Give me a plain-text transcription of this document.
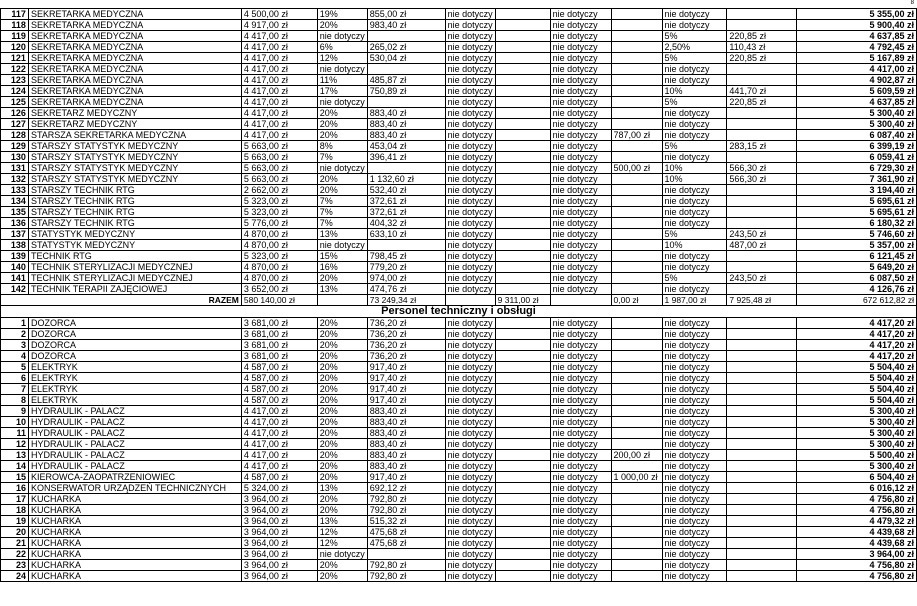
8
117	SEKRETARKA MEDYCZNA	4 500,00 zł	19%	855,00 zł	nie dotyczy		nie dotyczy		nie dotyczy		5 355,00 zł
118	SEKRETARKA MEDYCZNA	4 917,00 zł	20%	983,40 zł	nie dotyczy		nie dotyczy		nie dotyczy		5 900,40 zł
119	SEKRETARKA MEDYCZNA	4 417,00 zł	nie dotyczy		nie dotyczy		nie dotyczy		5%	220,85 zł	4 637,85 zł
120	SEKRETARKA MEDYCZNA	4 417,00 zł	6%	265,02 zł	nie dotyczy		nie dotyczy		2,50%	110,43 zł	4 792,45 zł
121	SEKRETARKA MEDYCZNA	4 417,00 zł	12%	530,04 zł	nie dotyczy		nie dotyczy		5%	220,85 zł	5 167,89 zł
122	SEKRETARKA MEDYCZNA	4 417,00 zł	nie dotyczy		nie dotyczy		nie dotyczy		nie dotyczy		4 417,00 zł
123	SEKRETARKA MEDYCZNA	4 417,00 zł	11%	485,87 zł	nie dotyczy		nie dotyczy		nie dotyczy		4 902,87 zł
124	SEKRETARKA MEDYCZNA	4 417,00 zł	17%	750,89 zł	nie dotyczy		nie dotyczy		10%	441,70 zł	5 609,59 zł
125	SEKRETARKA MEDYCZNA	4 417,00 zł	nie dotyczy		nie dotyczy		nie dotyczy		5%	220,85 zł	4 637,85 zł
126	SEKRETARZ MEDYCZNY	4 417,00 zł	20%	883,40 zł	nie dotyczy		nie dotyczy		nie dotyczy		5 300,40 zł
127	SEKRETARZ MEDYCZNY	4 417,00 zł	20%	883,40 zł	nie dotyczy		nie dotyczy		nie dotyczy		5 300,40 zł
128	STARSZA SEKRETARKA MEDYCZNA	4 417,00 zł	20%	883,40 zł	nie dotyczy		nie dotyczy	787,00 zł	nie dotyczy		6 087,40 zł
129	STARSZY STATYSTYK MEDYCZNY	5 663,00 zł	8%	453,04 zł	nie dotyczy		nie dotyczy		5%	283,15 zł	6 399,19 zł
130	STARSZY STATYSTYK MEDYCZNY	5 663,00 zł	7%	396,41 zł	nie dotyczy		nie dotyczy		nie dotyczy		6 059,41 zł
131	STARSZY STATYSTYK MEDYCZNY	5 663,00 zł	nie dotyczy		nie dotyczy		nie dotyczy	500,00 zł	10%	566,30 zł	6 729,30 zł
132	STARSZY STATYSTYK MEDYCZNY	5 663,00 zł	20%	1 132,60 zł	nie dotyczy		nie dotyczy		10%	566,30 zł	7 361,90 zł
133	STARSZY TECHNIK RTG	2 662,00 zł	20%	532,40 zł	nie dotyczy		nie dotyczy		nie dotyczy		3 194,40 zł
134	STARSZY TECHNIK RTG	5 323,00 zł	7%	372,61 zł	nie dotyczy		nie dotyczy		nie dotyczy		5 695,61 zł
135	STARSZY TECHNIK RTG	5 323,00 zł	7%	372,61 zł	nie dotyczy		nie dotyczy		nie dotyczy		5 695,61 zł
136	STARSZY TECHNIK RTG	5 776,00 zł	7%	404,32 zł	nie dotyczy		nie dotyczy		nie dotyczy		6 180,32 zł
137	STATYSTYK MEDYCZNY	4 870,00 zł	13%	633,10 zł	nie dotyczy		nie dotyczy		5%	243,50 zł	5 746,60 zł
138	STATYSTYK MEDYCZNY	4 870,00 zł	nie dotyczy		nie dotyczy		nie dotyczy		10%	487,00 zł	5 357,00 zł
139	TECHNIK RTG	5 323,00 zł	15%	798,45 zł	nie dotyczy		nie dotyczy		nie dotyczy		6 121,45 zł
140	TECHNIK STERYLIZACJI MEDYCZNEJ	4 870,00 zł	16%	779,20 zł	nie dotyczy		nie dotyczy		nie dotyczy		5 649,20 zł
141	TECHNIK STERYLIZACJI MEDYCZNEJ	4 870,00 zł	20%	974,00 zł	nie dotyczy		nie dotyczy		5%	243,50 zł	6 087,50 zł
142	TECHNIK TERAPII ZAJĘCIOWEJ	3 652,00 zł	13%	474,76 zł	nie dotyczy		nie dotyczy		nie dotyczy		4 126,76 zł
RAZEM		580 140,00 zł		73 249,34 zł		9 311,00 zł		0,00 zł	1 987,00 zł	7 925,48 zł	672 612,82 zł
Personel techniczny i obsługi											
1	DOZORCA	3 681,00 zł	20%	736,20 zł	nie dotyczy		nie dotyczy		nie dotyczy		4 417,20 zł
2	DOZORCA	3 681,00 zł	20%	736,20 zł	nie dotyczy		nie dotyczy		nie dotyczy		4 417,20 zł
3	DOZORCA	3 681,00 zł	20%	736,20 zł	nie dotyczy		nie dotyczy		nie dotyczy		4 417,20 zł
4	DOZORCA	3 681,00 zł	20%	736,20 zł	nie dotyczy		nie dotyczy		nie dotyczy		4 417,20 zł
5	ELEKTRYK	4 587,00 zł	20%	917,40 zł	nie dotyczy		nie dotyczy		nie dotyczy		5 504,40 zł
6	ELEKTRYK	4 587,00 zł	20%	917,40 zł	nie dotyczy		nie dotyczy		nie dotyczy		5 504,40 zł
7	ELEKTRYK	4 587,00 zł	20%	917,40 zł	nie dotyczy		nie dotyczy		nie dotyczy		5 504,40 zł
8	ELEKTRYK	4 587,00 zł	20%	917,40 zł	nie dotyczy		nie dotyczy		nie dotyczy		5 504,40 zł
9	HYDRAULIK - PALACZ	4 417,00 zł	20%	883,40 zł	nie dotyczy		nie dotyczy		nie dotyczy		5 300,40 zł
10	HYDRAULIK - PALACZ	4 417,00 zł	20%	883,40 zł	nie dotyczy		nie dotyczy		nie dotyczy		5 300,40 zł
11	HYDRAULIK - PALACZ	4 417,00 zł	20%	883,40 zł	nie dotyczy		nie dotyczy		nie dotyczy		5 300,40 zł
12	HYDRAULIK - PALACZ	4 417,00 zł	20%	883,40 zł	nie dotyczy		nie dotyczy		nie dotyczy		5 300,40 zł
13	HYDRAULIK - PALACZ	4 417,00 zł	20%	883,40 zł	nie dotyczy		nie dotyczy	200,00 zł	nie dotyczy		5 500,40 zł
14	HYDRAULIK - PALACZ	4 417,00 zł	20%	883,40 zł	nie dotyczy		nie dotyczy		nie dotyczy		5 300,40 zł
15	KIEROWCA-ZAOPATRZENIOWIEC	4 587,00 zł	20%	917,40 zł	nie dotyczy		nie dotyczy	1 000,00 zł	nie dotyczy		6 504,40 zł
16	KONSERWATOR URZĄDZEŃ TECHNICZNYCH	5 324,00 zł	13%	692,12 zł	nie dotyczy		nie dotyczy		nie dotyczy		6 016,12 zł
17	KUCHARKA	3 964,00 zł	20%	792,80 zł	nie dotyczy		nie dotyczy		nie dotyczy		4 756,80 zł
18	KUCHARKA	3 964,00 zł	20%	792,80 zł	nie dotyczy		nie dotyczy		nie dotyczy		4 756,80 zł
19	KUCHARKA	3 964,00 zł	13%	515,32 zł	nie dotyczy		nie dotyczy		nie dotyczy		4 479,32 zł
20	KUCHARKA	3 964,00 zł	12%	475,68 zł	nie dotyczy		nie dotyczy		nie dotyczy		4 439,68 zł
21	KUCHARKA	3 964,00 zł	12%	475,68 zł	nie dotyczy		nie dotyczy		nie dotyczy		4 439,68 zł
22	KUCHARKA	3 964,00 zł	nie dotyczy		nie dotyczy		nie dotyczy		nie dotyczy		3 964,00 zł
23	KUCHARKA	3 964,00 zł	20%	792,80 zł	nie dotyczy		nie dotyczy		nie dotyczy		4 756,80 zł
24	KUCHARKA	3 964,00 zł	20%	792,80 zł	nie dotyczy		nie dotyczy		nie dotyczy		4 756,80 zł
